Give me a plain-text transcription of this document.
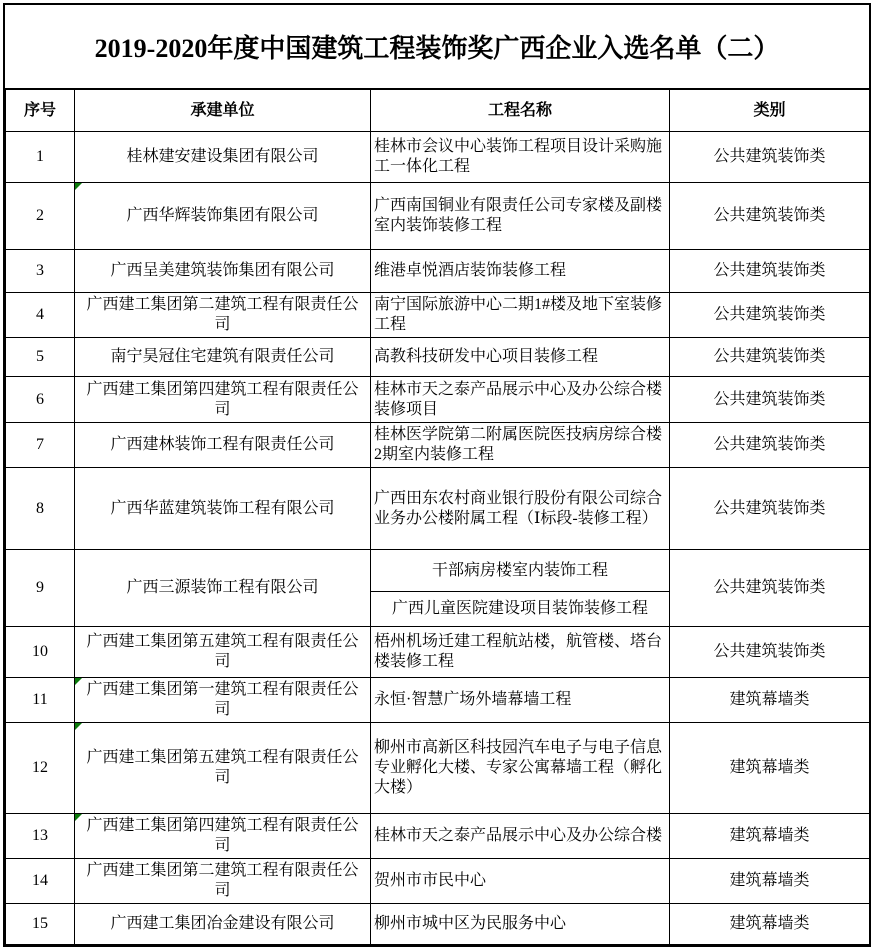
2019-2020年度中国建筑工程装饰奖广西企业入选名单（二）
序号	承建单位	工程名称	类别
1	桂林建安建设集团有限公司	桂林市会议中心装饰工程项目设计采购施工一体化工程	公共建筑装饰类
2	广西华辉装饰集团有限公司	广西南国铜业有限责任公司专家楼及副楼室内装饰装修工程	公共建筑装饰类
3	广西呈美建筑装饰集团有限公司	维港卓悦酒店装饰装修工程	公共建筑装饰类
4	广西建工集团第二建筑工程有限责任公司	南宁国际旅游中心二期1#楼及地下室装修工程	公共建筑装饰类
5	南宁昊冠住宅建筑有限责任公司	高教科技研发中心项目装修工程	公共建筑装饰类
6	广西建工集团第四建筑工程有限责任公司	桂林市天之泰产品展示中心及办公综合楼装修项目	公共建筑装饰类
7	广西建林装饰工程有限责任公司	桂林医学院第二附属医院医技病房综合楼2期室内装修工程	公共建筑装饰类
8	广西华蓝建筑装饰工程有限公司	广西田东农村商业银行股份有限公司综合业务办公楼附属工程（Ⅰ标段-装修工程）	公共建筑装饰类
9	广西三源装饰工程有限公司	干部病房楼室内装饰工程	公共建筑装饰类
		广西儿童医院建设项目装饰装修工程	
10	广西建工集团第五建筑工程有限责任公司	梧州机场迁建工程航站楼，航管楼、塔台楼装修工程	公共建筑装饰类
11	广西建工集团第一建筑工程有限责任公司	永恒·智慧广场外墙幕墙工程	建筑幕墙类
12	广西建工集团第五建筑工程有限责任公司	柳州市高新区科技园汽车电子与电子信息专业孵化大楼、专家公寓幕墙工程（孵化大楼）	建筑幕墙类
13	广西建工集团第四建筑工程有限责任公司	桂林市天之泰产品展示中心及办公综合楼	建筑幕墙类
14	广西建工集团第二建筑工程有限责任公司	贺州市市民中心	建筑幕墙类
15	广西建工集团冶金建设有限公司	柳州市城中区为民服务中心	建筑幕墙类
